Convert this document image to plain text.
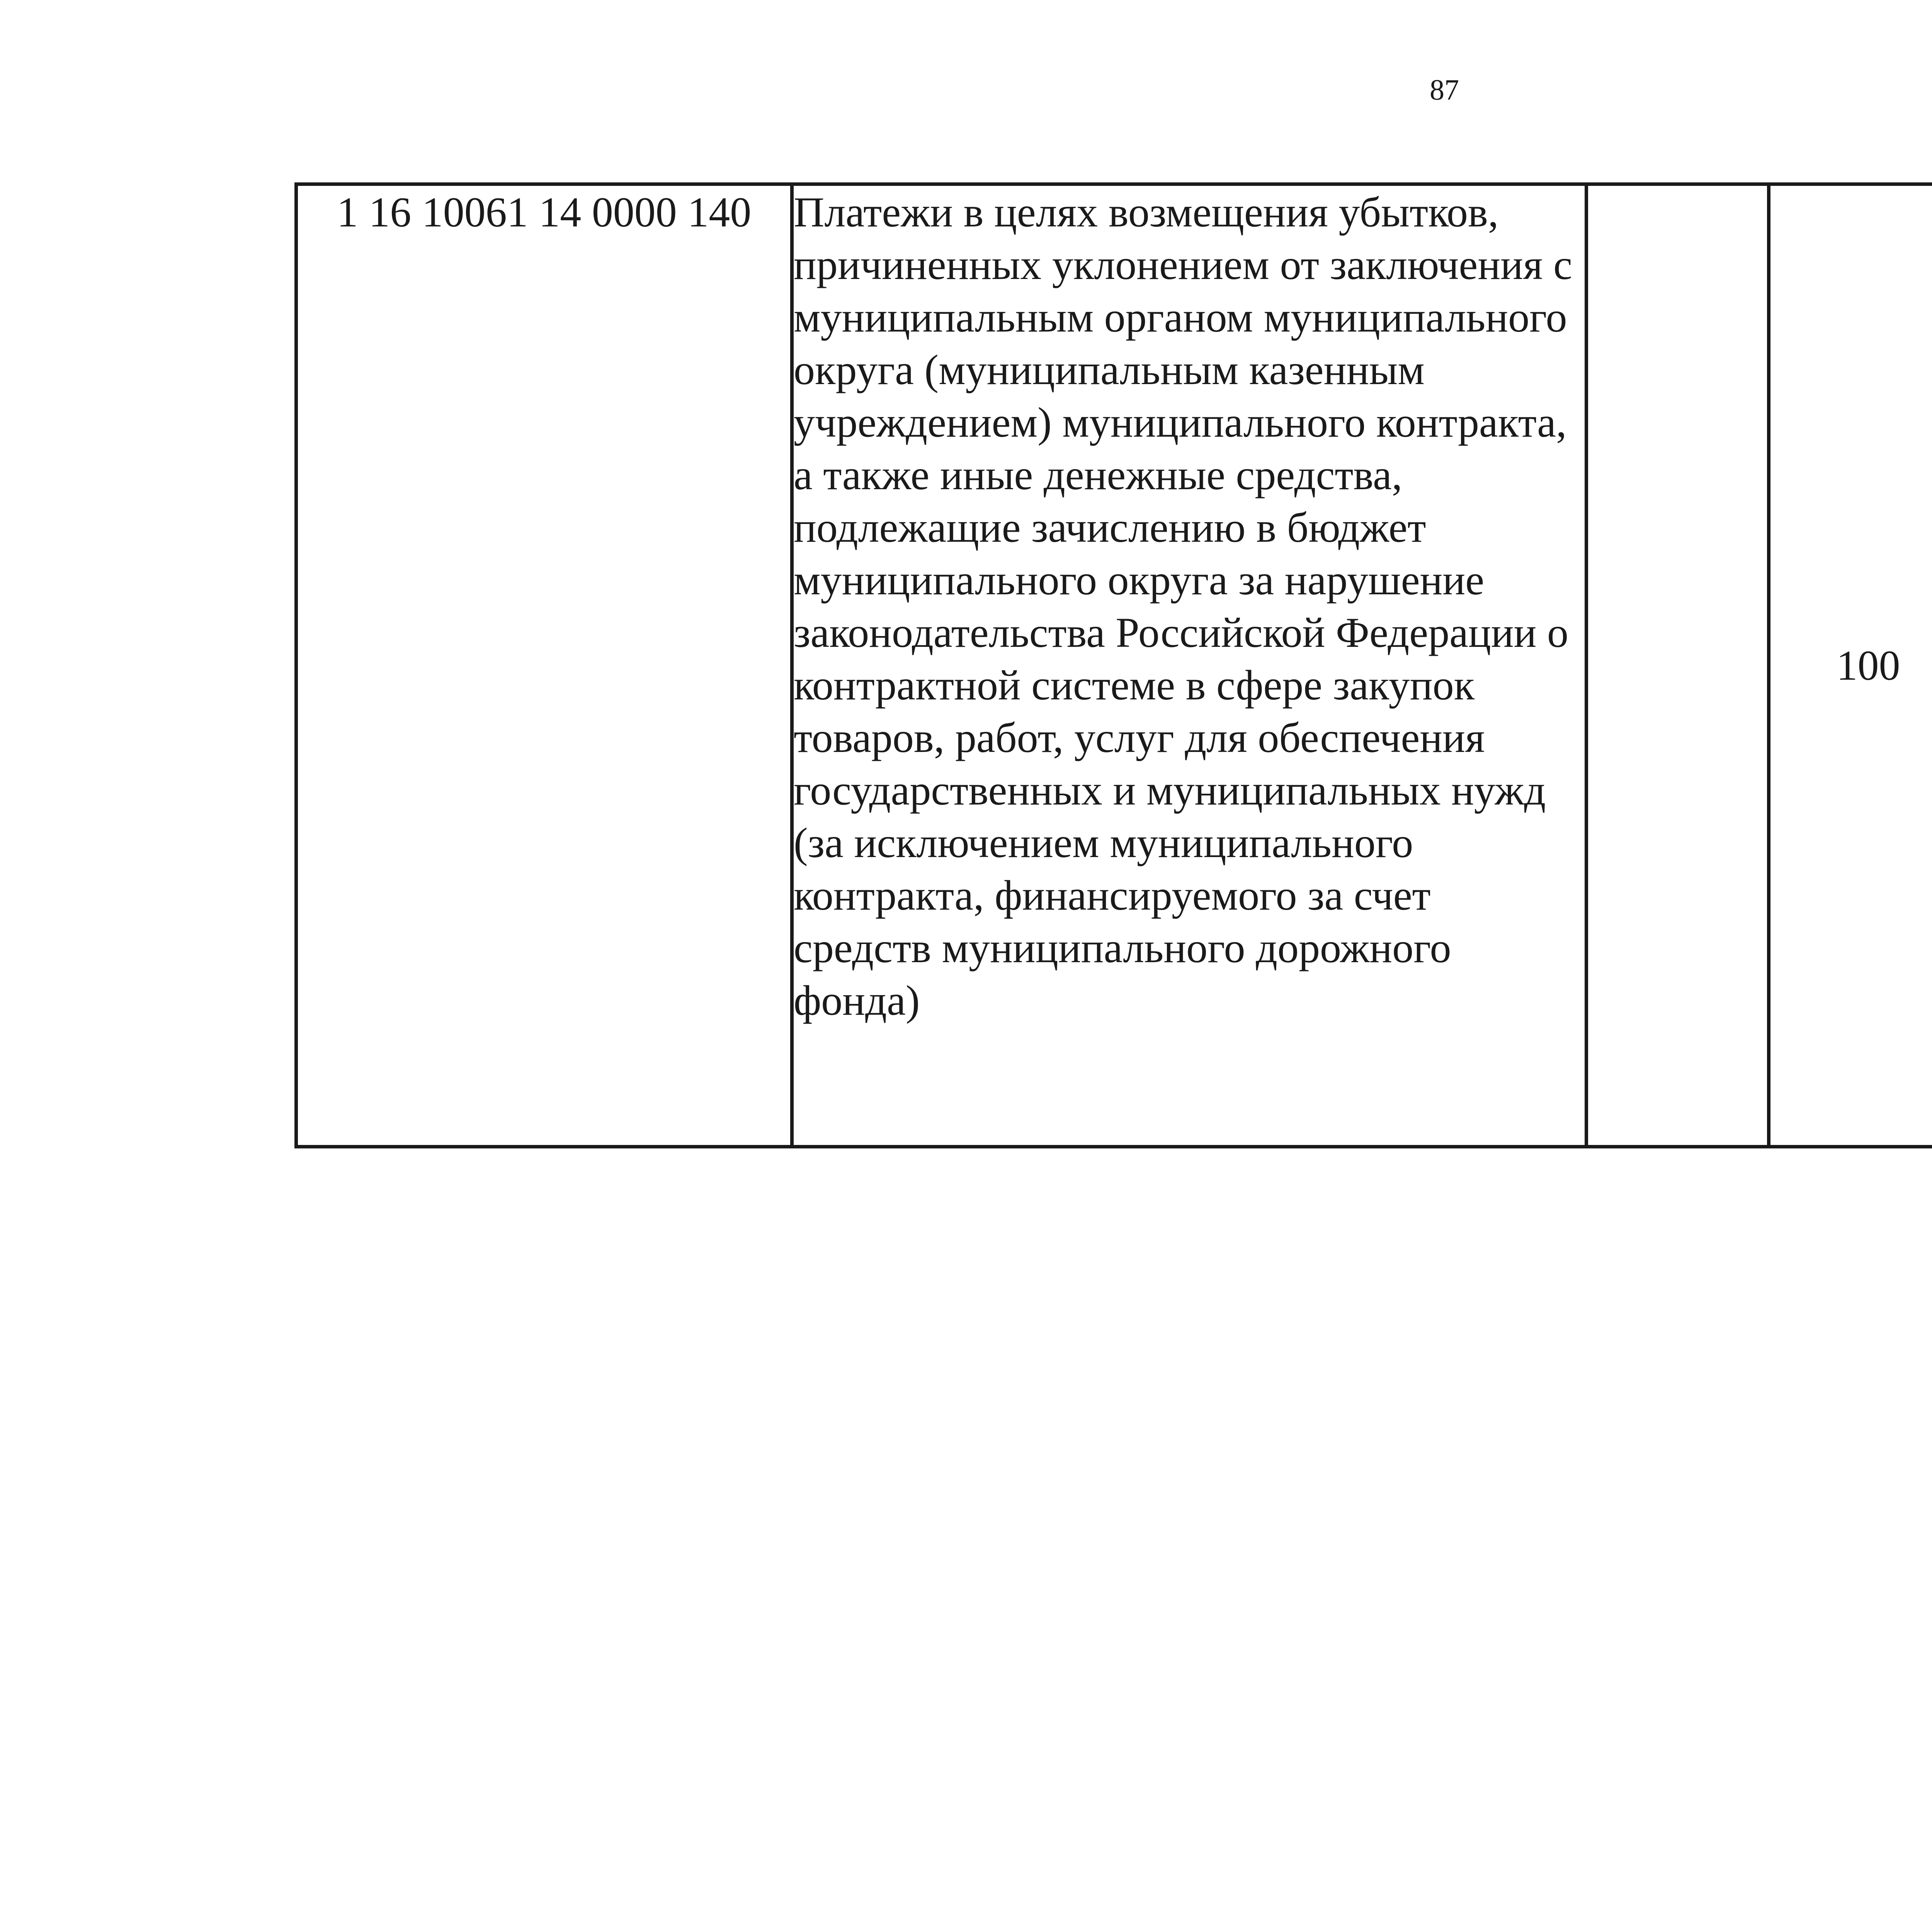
87
1 16 10061 14 0000 140	Платежи в целях возмещения убытков,
причиненных уклонением от заключения с
муниципальным органом муниципального
округа (муниципальным казенным
учреждением) муниципального контракта,
а также иные денежные средства,
подлежащие зачислению в бюджет
муниципального округа за нарушение
законодательства Российской Федерации о
контрактной системе в сфере закупок
товаров, работ, услуг для обеспечения
государственных и муниципальных нужд
(за исключением муниципального
контракта, финансируемого за счет
средств муниципального дорожного
фонда)
		100			
